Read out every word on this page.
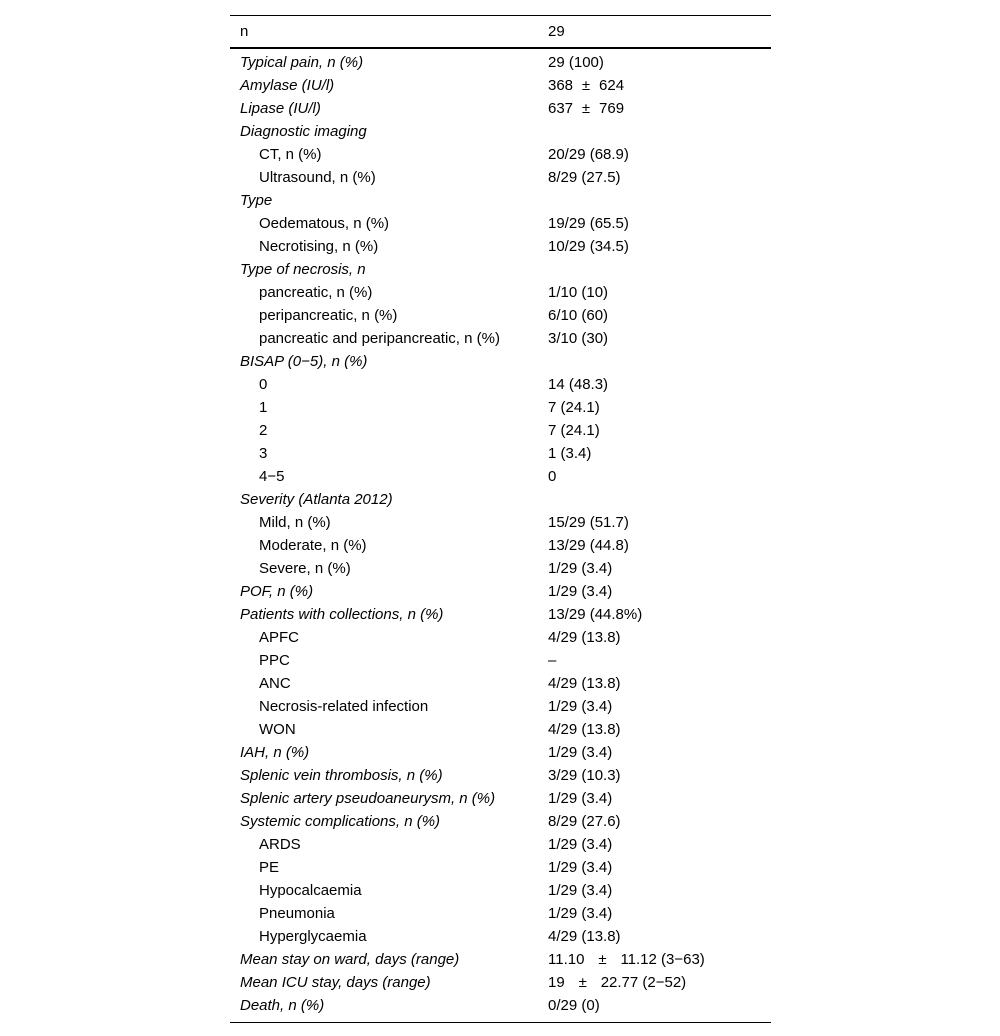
n	29
Typical pain, n (%)	29 (100)
Amylase (IU/l)	368 ± 624
Lipase (IU/l)	637 ± 769
Diagnostic imaging
CT, n (%)	20/29 (68.9)
Ultrasound, n (%)	8/29 (27.5)
Type
Oedematous, n (%)	19/29 (65.5)
Necrotising, n (%)	10/29 (34.5)
Type of necrosis, n
pancreatic, n (%)	1/10 (10)
peripancreatic, n (%)	6/10 (60)
pancreatic and peripancreatic, n (%)	3/10 (30)
BISAP (0−5), n (%)
0	14 (48.3)
1	7 (24.1)
2	7 (24.1)
3	1 (3.4)
4−5	0
Severity (Atlanta 2012)
Mild, n (%)	15/29 (51.7)
Moderate, n (%)	13/29 (44.8)
Severe, n (%)	1/29 (3.4)
POF, n (%)	1/29 (3.4)
Patients with collections, n (%)	13/29 (44.8%)
APFC	4/29 (13.8)
PPC	–
ANC	4/29 (13.8)
Necrosis-related infection	1/29 (3.4)
WON	4/29 (13.8)
IAH, n (%)	1/29 (3.4)
Splenic vein thrombosis, n (%)	3/29 (10.3)
Splenic artery pseudoaneurysm, n (%)	1/29 (3.4)
Systemic complications, n (%)	8/29 (27.6)
ARDS	1/29 (3.4)
PE	1/29 (3.4)
Hypocalcaemia	1/29 (3.4)
Pneumonia	1/29 (3.4)
Hyperglycaemia	4/29 (13.8)
Mean stay on ward, days (range)	11.10 ± 11.12 (3−63)
Mean ICU stay, days (range)	19 ± 22.77 (2−52)
Death, n (%)	0/29 (0)
